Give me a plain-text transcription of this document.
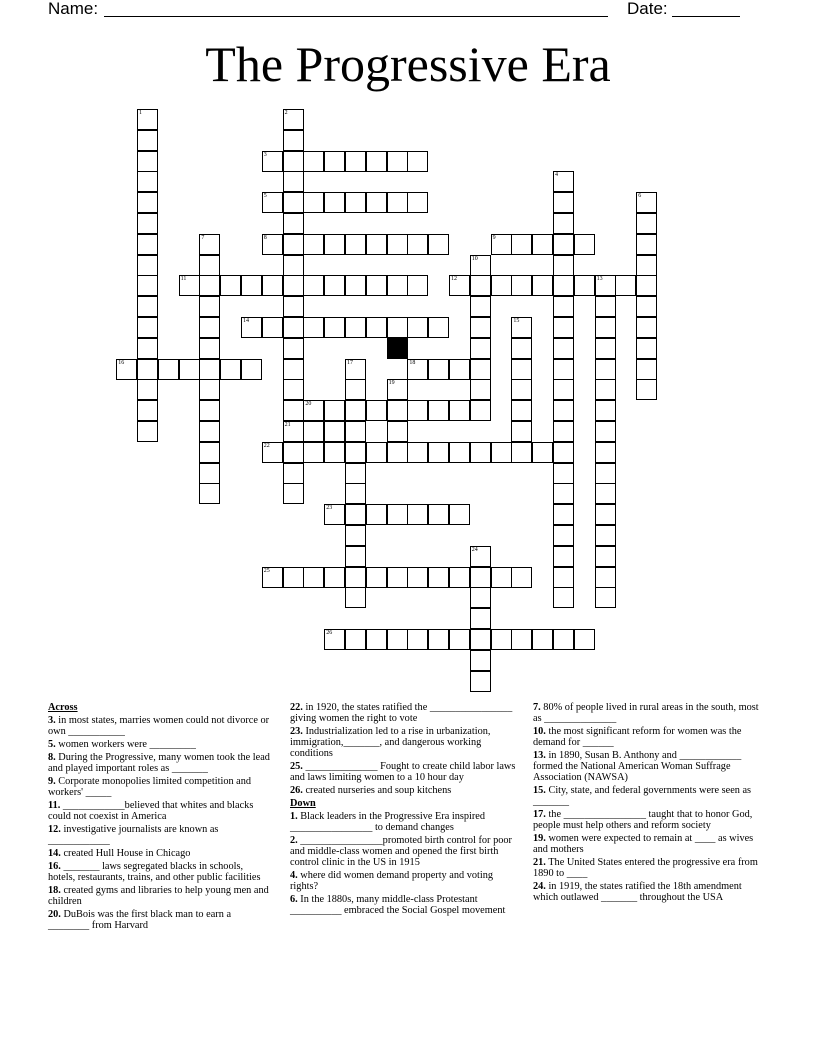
Name:	Date:
The Progressive Era
1	2
21
3
4
5	6
7	8	9
10
11	12	13
14	15
16	17	18
19
20
22
23
24
25
26

Across

3. in most states, marries women could not divorce or own ___________

5. women workers were _________

8. During the Progressive, many women took the lead and played important roles as _______

9. Corporate monopolies limited competition and workers' _____

11. ____________believed that whites and blacks could not coexist in America

12. investigative journalists are known as ____________

14. created Hull House in Chicago

16. _______ laws segregated blacks in schools, hotels, restaurants, trains, and other public facilities

18. created gyms and libraries to help young men and children

20. DuBois was the first black man to earn a ________ from Harvard

22. in 1920, the states ratified the ________________ giving women the right to vote

23. Industrialization led to a rise in urbanization, immigration,_______, and dangerous working conditions

25. ______________ Fought to create child labor laws and laws limiting women to a 10 hour day

26. created nurseries and soup kitchens

Down

1. Black leaders in the Progressive Era inspired ________________ to demand changes

2. ________________promoted birth control for poor and middle-class women and opened the first birth control clinic in the US in 1915

4. where did women demand property and voting rights?

6. In the 1880s, many middle-class Protestant __________ embraced the Social Gospel movement

7. 80% of people lived in rural areas in the south, most as ______________

10. the most significant reform for women was the demand for ______

13. in 1890, Susan B. Anthony and ____________ formed the National American Woman Suffrage Association (NAWSA)

15. City, state, and federal governments were seen as _______

17. the ________________ taught that to honor God, people must help others and reform society

19. women were expected to remain at ____ as wives and mothers

21. The United States entered the progressive era from 1890 to ____

24. in 1919, the states ratified the 18th amendment which outlawed _______ throughout the USA
